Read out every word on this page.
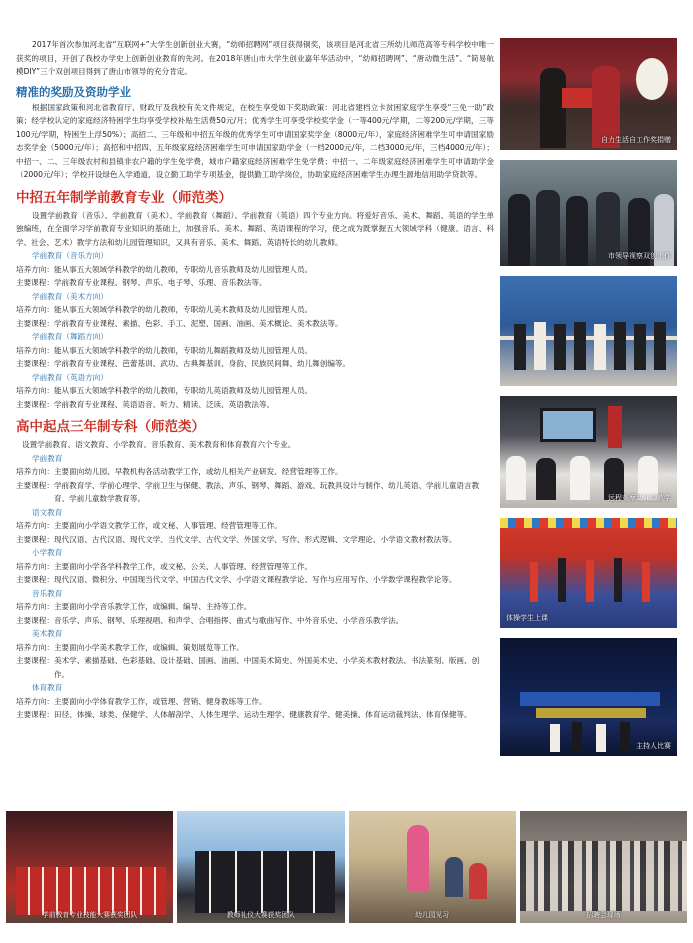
2017年首次参加河北省“互联网+”大学生创新创业大赛，“幼师招聘网”项目获得铜奖，该项目是河北省三所幼儿师范高等专科学校中唯一获奖的项目，开创了我校办学史上创新创业教育的先河。在2018年唐山市大学生创业嘉年华活动中，“幼师招聘网”、“唐动微生活”、“简易航模DIY”三个双创项目得到了唐山市领导的充分肯定。

精准的奖励及资助学业

根据国家政策和河北省教育厅、财政厅及我校有关文件规定，在校生享受如下奖助政策：河北省建档立卡贫困家庭学生享受“三免一助”政策；经学校认定的家庭经济特困学生均享受学校补贴生活费50元/月；优秀学生可享受学校奖学金（一等400元/学期，二等200元/学期，三等100元/学期，特困生上浮50%）；高招二、三年级和中招五年级的优秀学生可申请国家奖学金（8000元/年），家庭经济困难学生可申请国家励志奖学金（5000元/年）；高招和中招四、五年级家庭经济困难学生可申请国家助学金（一档2000元/年，二档3000元/年，三档4000元/年）；中招一、二、三年级农村和县镇非农户籍的学生免学费，城市户籍家庭经济困难学生免学费；中招一、二年级家庭经济困难学生可申请助学金（2000元/年）；学校开设绿色入学通道，设立勤工助学专项基金，提供勤工助学岗位，协助家庭经济困难学生办理生源地信用助学贷款等。

中招五年制学前教育专业（师范类）

设置学前教育（音乐）、学前教育（美术）、学前教育（舞蹈）、学前教育（英语）四个专业方向。将爱好音乐、美术、舞蹈、英语的学生单独编班，在全面学习学前教育专业知识的基础上，加强音乐、美术、舞蹈、英语课程的学习，使之成为既掌握五大领域学科（健康、语言、科学、社会、艺术）教学方法和幼儿园管理知识，又具有音乐、美术、舞蹈、英语特长的幼儿教师。

学前教育（音乐方向）
培养方向： 能从事五大领域学科教学的幼儿教师，专职幼儿音乐教师及幼儿园管理人员。
主要课程： 学前教育专业课程、钢琴、声乐、电子琴、乐理、音乐教法等。
学前教育（美术方向）
培养方向： 能从事五大领域学科教学的幼儿教师，专职幼儿美术教师及幼儿园管理人员。
主要课程： 学前教育专业课程、素描、色彩、手工、泥塑、国画、油画、美术概论、美术教法等。
学前教育（舞蹈方向）
培养方向： 能从事五大领域学科教学的幼儿教师，专职幼儿舞蹈教师及幼儿园管理人员。
主要课程： 学前教育专业课程、芭蕾基训、武功、古典舞基训、身韵、民族民间舞、幼儿舞创编等。
学前教育（英语方向）
培养方向： 能从事五大领域学科教学的幼儿教师，专职幼儿英语教师及幼儿园管理人员。
主要课程： 学前教育专业课程、英语语音、听力、精读、泛读、英语教法等。
高中起点三年制专科（师范类）

设置学前教育、语文教育、小学教育、音乐教育、美术教育和体育教育六个专业。

学前教育
培养方向： 主要面向幼儿园、早教机构各活动教学工作，或幼儿相关产业研发、经营管理等工作。
主要课程： 学前教育学、学前心理学、学前卫生与保健、教法、声乐、钢琴、舞蹈、游戏、玩教具设计与制作、幼儿英语、学前儿童语言教育、学前儿童数学教育等。
语文教育
培养方向： 主要面向小学语文教学工作，或文秘、人事管理、经营管理等工作。
主要课程： 现代汉语、古代汉语、现代文学、当代文学、古代文学、外国文学、写作、形式逻辑、文学理论、小学语文教材教法等。
小学教育
培养方向： 主要面向小学各学科教学工作，或文秘、公关、人事管理、经营管理等工作。
主要课程： 现代汉语、微积分、中国现当代文学、中国古代文学、小学语文课程教学论、写作与应用写作、小学数学课程教学论等。
音乐教育
培养方向： 主要面向小学音乐教学工作，或编辑、编导、主持等工作。
主要课程： 音乐学、声乐、钢琴、乐理视唱、和声学、合唱指挥、曲式与歌曲写作、中外音乐史、小学音乐教学法。
美术教育
培养方向： 主要面向小学美术教学工作，或编辑、策划展览等工作。
主要课程： 美术学、素描基础、色彩基础、设计基础、国画、油画、中国美术简史、外国美术史、小学美术教材教法、书法篆刻、版画、创作。
体育教育
培养方向： 主要面向小学体育教学工作，或管理、营销、健身教练等工作。
主要课程： 田径、体操、球类、保健学、人体解剖学、人体生理学、运动生理学、健康教育学、健美操、体育运动裁判法、体育保健等。
自力生活自工作奖捐赠
市领导视察双创工作
远程观摩幼儿园教学
体操学生上课
主持人比赛
学前教育专业技能大赛获奖团队	教师礼仪大赛获奖团队	幼儿园见习	招聘会现场
